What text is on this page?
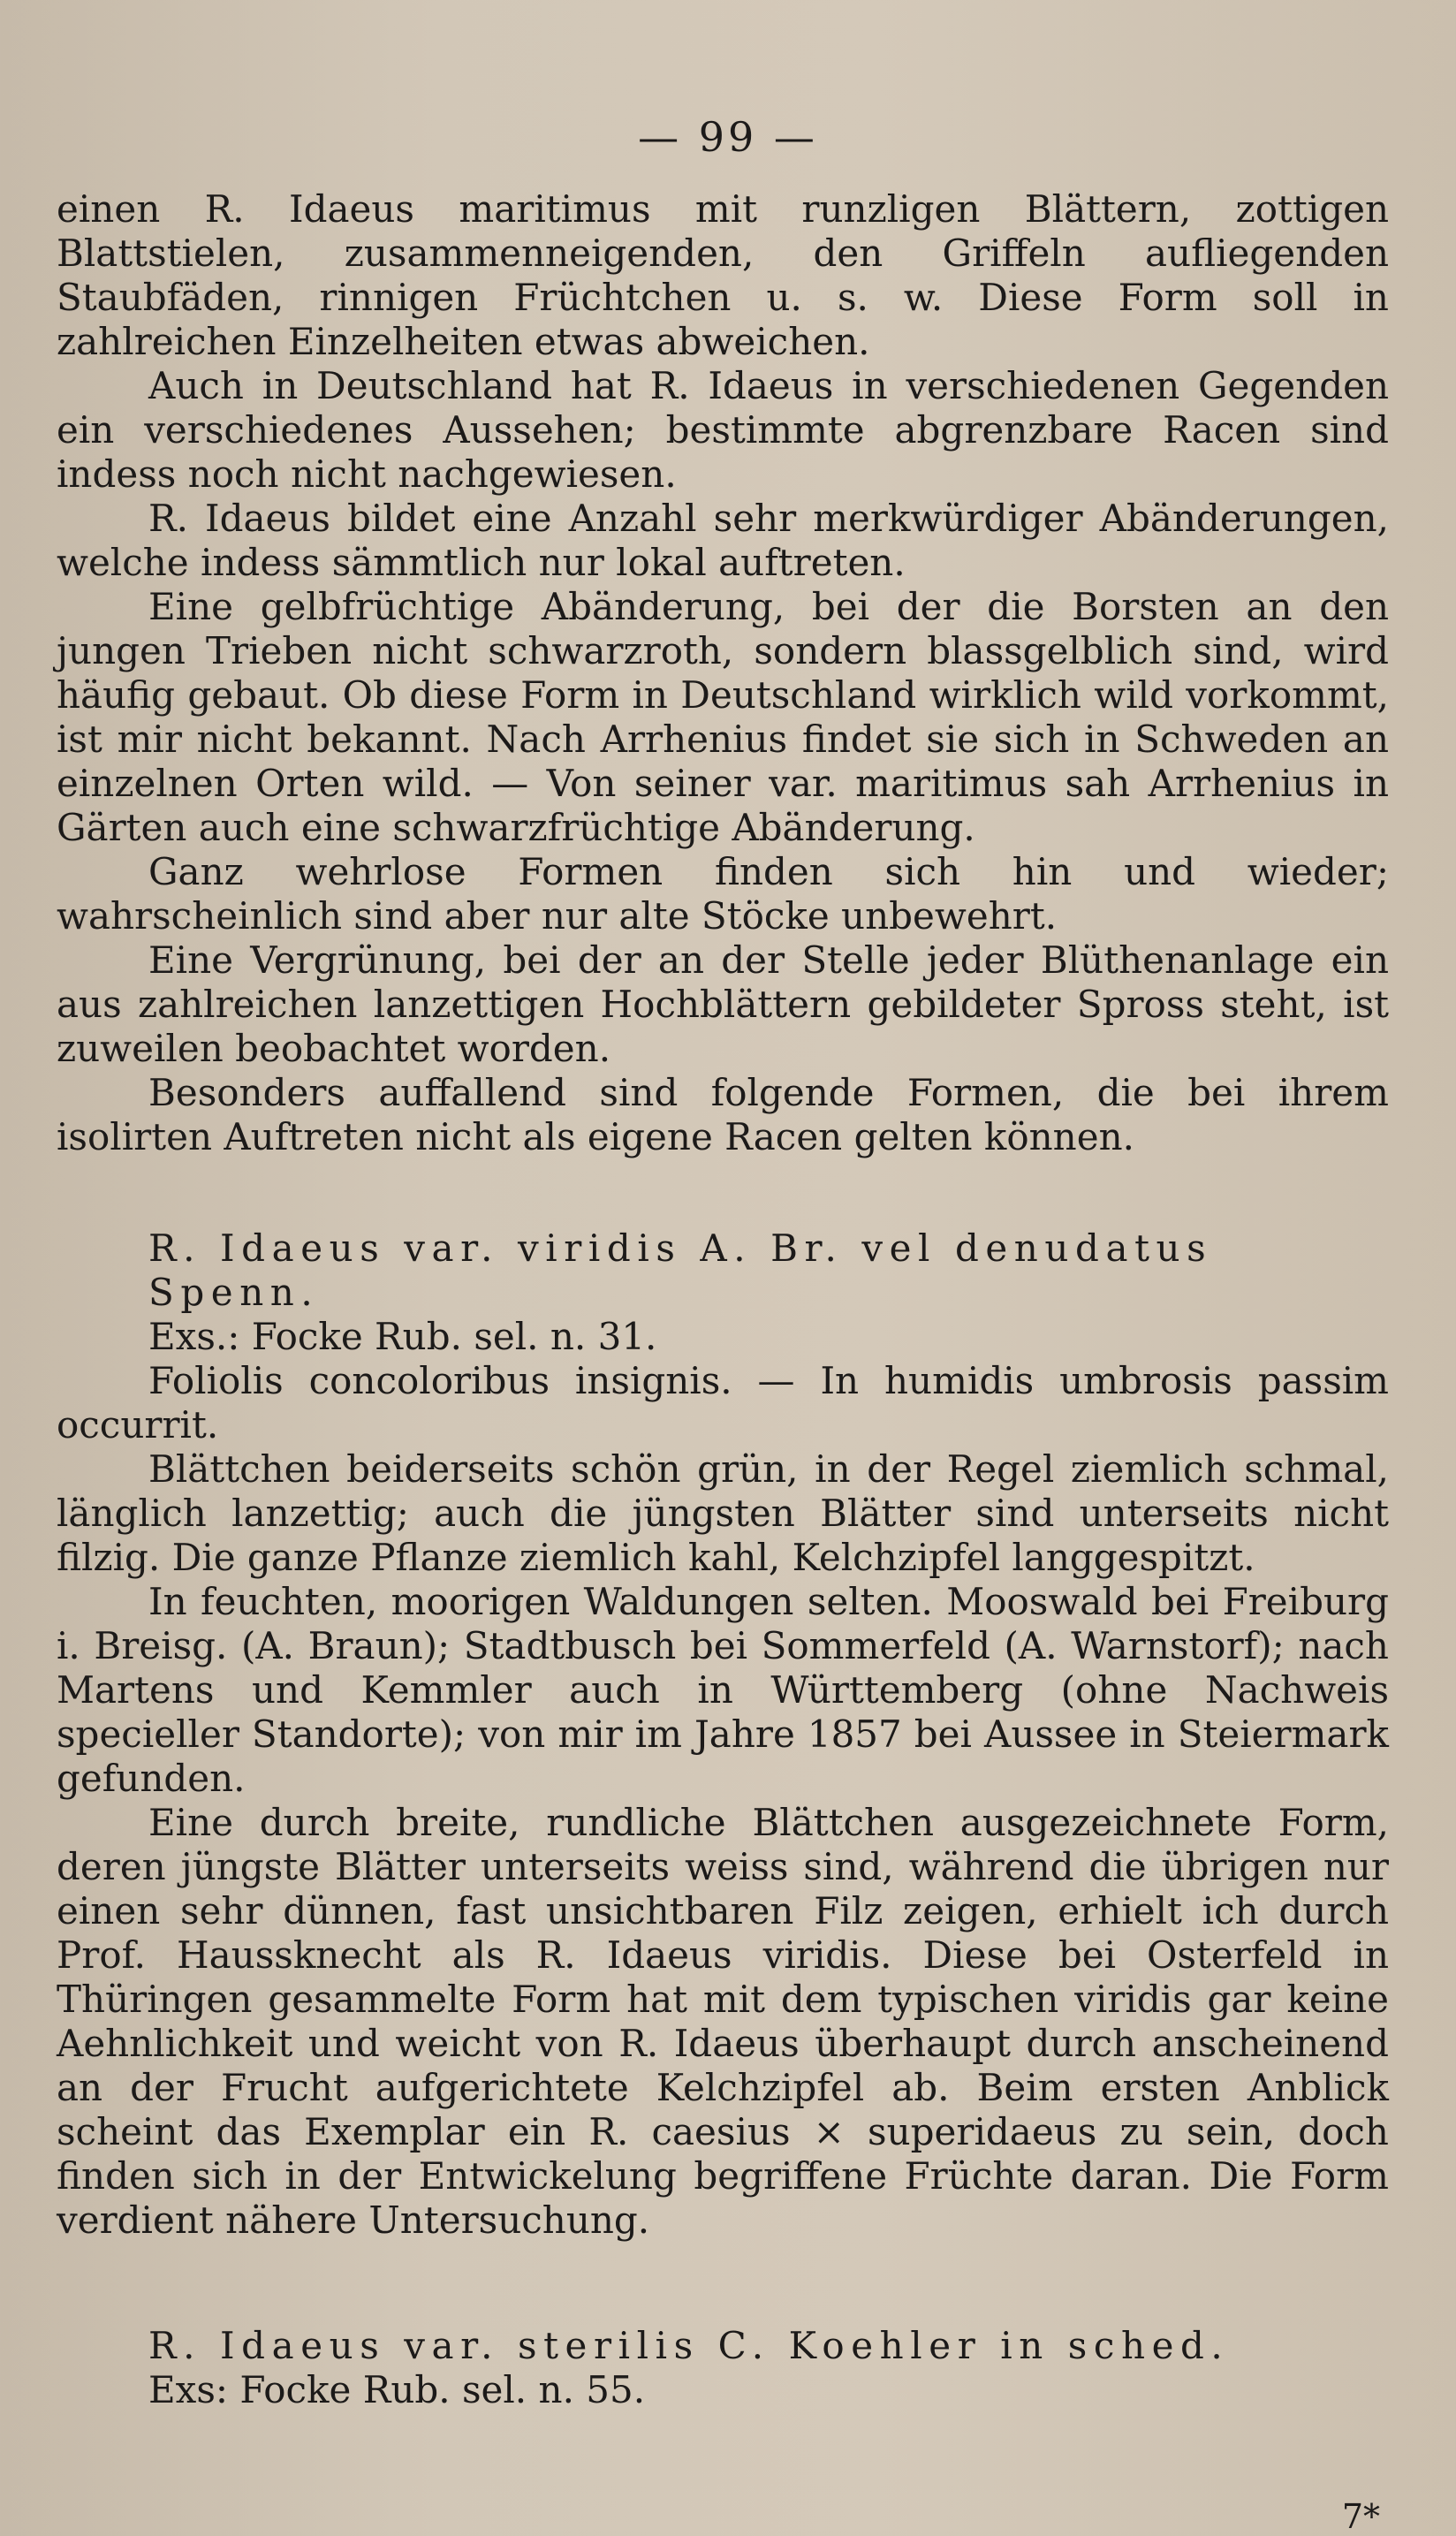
— 99 —

einen R. Idaeus maritimus mit runzligen Blättern, zottigen Blattstielen, zusammenneigenden, den Griffeln aufliegenden Staubfäden, rinnigen Früchtchen u. s. w. Diese Form soll in zahlreichen Einzelheiten etwas abweichen.

Auch in Deutschland hat R. Idaeus in verschiedenen Gegenden ein verschiedenes Aussehen; bestimmte abgrenzbare Racen sind indess noch nicht nachgewiesen.

R. Idaeus bildet eine Anzahl sehr merkwürdiger Abänderungen, welche indess sämmtlich nur lokal auftreten.

Eine gelbfrüchtige Abänderung, bei der die Borsten an den jungen Trieben nicht schwarzroth, sondern blassgelblich sind, wird häufig gebaut. Ob diese Form in Deutschland wirklich wild vorkommt, ist mir nicht bekannt. Nach Arrhenius findet sie sich in Schweden an einzelnen Orten wild. — Von seiner var. maritimus sah Arrhenius in Gärten auch eine schwarzfrüchtige Abänderung.

Ganz wehrlose Formen finden sich hin und wieder; wahrscheinlich sind aber nur alte Stöcke unbewehrt.

Eine Vergrünung, bei der an der Stelle jeder Blüthenanlage ein aus zahlreichen lanzettigen Hochblättern gebildeter Spross steht, ist zuweilen beobachtet worden.

Besonders auffallend sind folgende Formen, die bei ihrem isolirten Auftreten nicht als eigene Racen gelten können.

R. Idaeus var. viridis A. Br. vel denudatus Spenn.

Exs.: Focke Rub. sel. n. 31.

Foliolis concoloribus insignis. — In humidis umbrosis passim occurrit.

Blättchen beiderseits schön grün, in der Regel ziemlich schmal, länglich lanzettig; auch die jüngsten Blätter sind unterseits nicht filzig. Die ganze Pflanze ziemlich kahl, Kelchzipfel langgespitzt.

In feuchten, moorigen Waldungen selten. Mooswald bei Freiburg i. Breisg. (A. Braun); Stadtbusch bei Sommerfeld (A. Warnstorf); nach Martens und Kemmler auch in Württemberg (ohne Nachweis specieller Standorte); von mir im Jahre 1857 bei Aussee in Steiermark gefunden.

Eine durch breite, rundliche Blättchen ausgezeichnete Form, deren jüngste Blätter unterseits weiss sind, während die übrigen nur einen sehr dünnen, fast unsichtbaren Filz zeigen, erhielt ich durch Prof. Haussknecht als R. Idaeus viridis. Diese bei Osterfeld in Thüringen gesammelte Form hat mit dem typischen viridis gar keine Aehnlichkeit und weicht von R. Idaeus überhaupt durch anscheinend an der Frucht aufgerichtete Kelchzipfel ab. Beim ersten Anblick scheint das Exemplar ein R. caesius × superidaeus zu sein, doch finden sich in der Entwickelung begriffene Früchte daran. Die Form verdient nähere Untersuchung.

R. Idaeus var. sterilis C. Koehler in sched.

Exs: Focke Rub. sel. n. 55.

7*
